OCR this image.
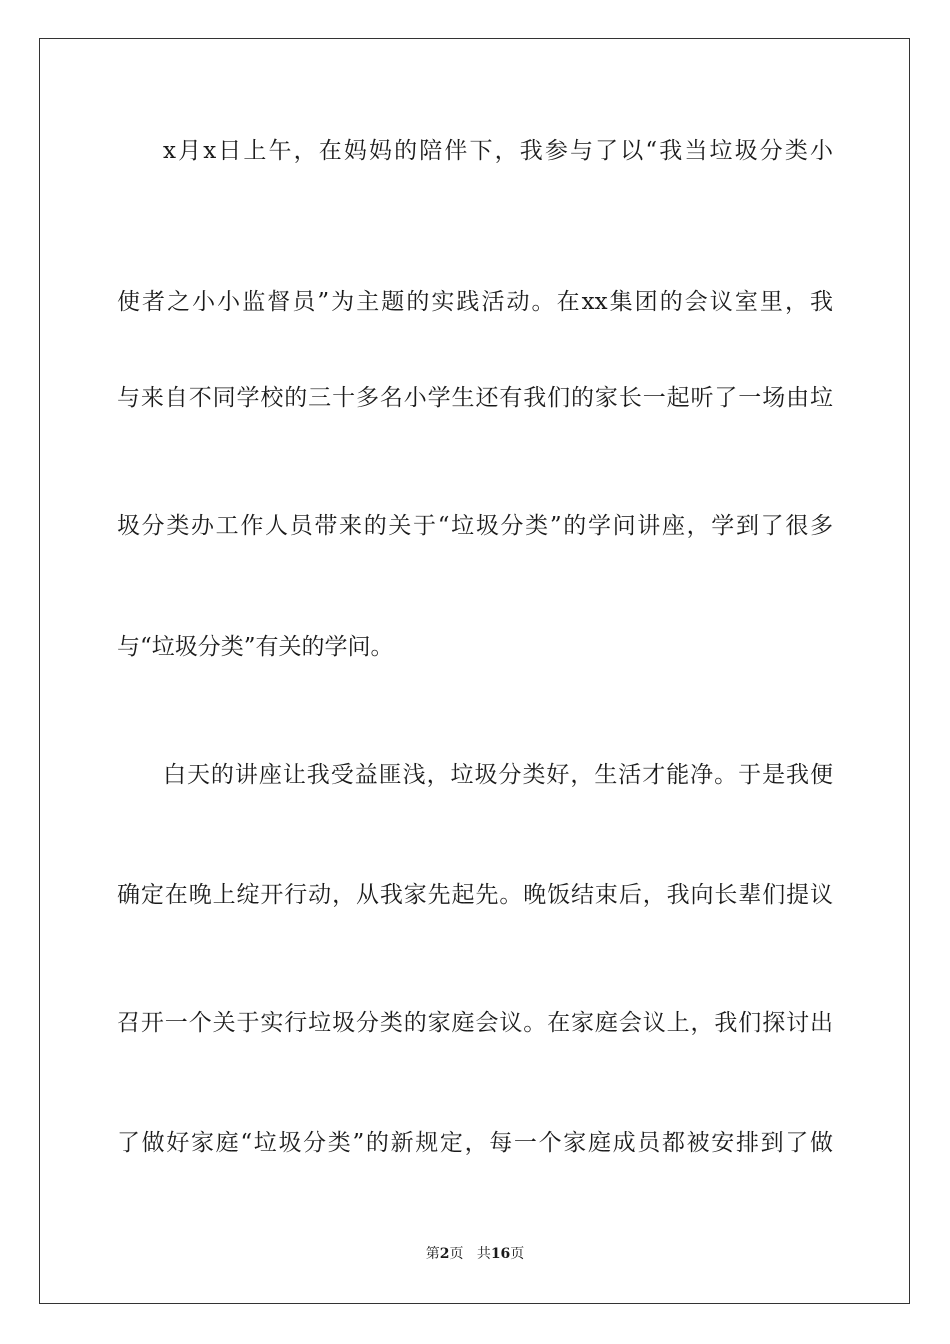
x月x日上午，在妈妈的陪伴下，我参与了以“我当垃圾分类小
使者之小小监督员”为主题的实践活动。在xx集团的会议室里，我
与来自不同学校的三十多名小学生还有我们的家长一起听了一场由垃
圾分类办工作人员带来的关于“垃圾分类”的学问讲座，学到了很多
与“垃圾分类”有关的学问。
白天的讲座让我受益匪浅，垃圾分类好，生活才能净。于是我便
确定在晚上绽开行动，从我家先起先。晚饭结束后，我向长辈们提议
召开一个关于实行垃圾分类的家庭会议。在家庭会议上，我们探讨出
了做好家庭“垃圾分类”的新规定，每一个家庭成员都被安排到了做
第2页 共16页
